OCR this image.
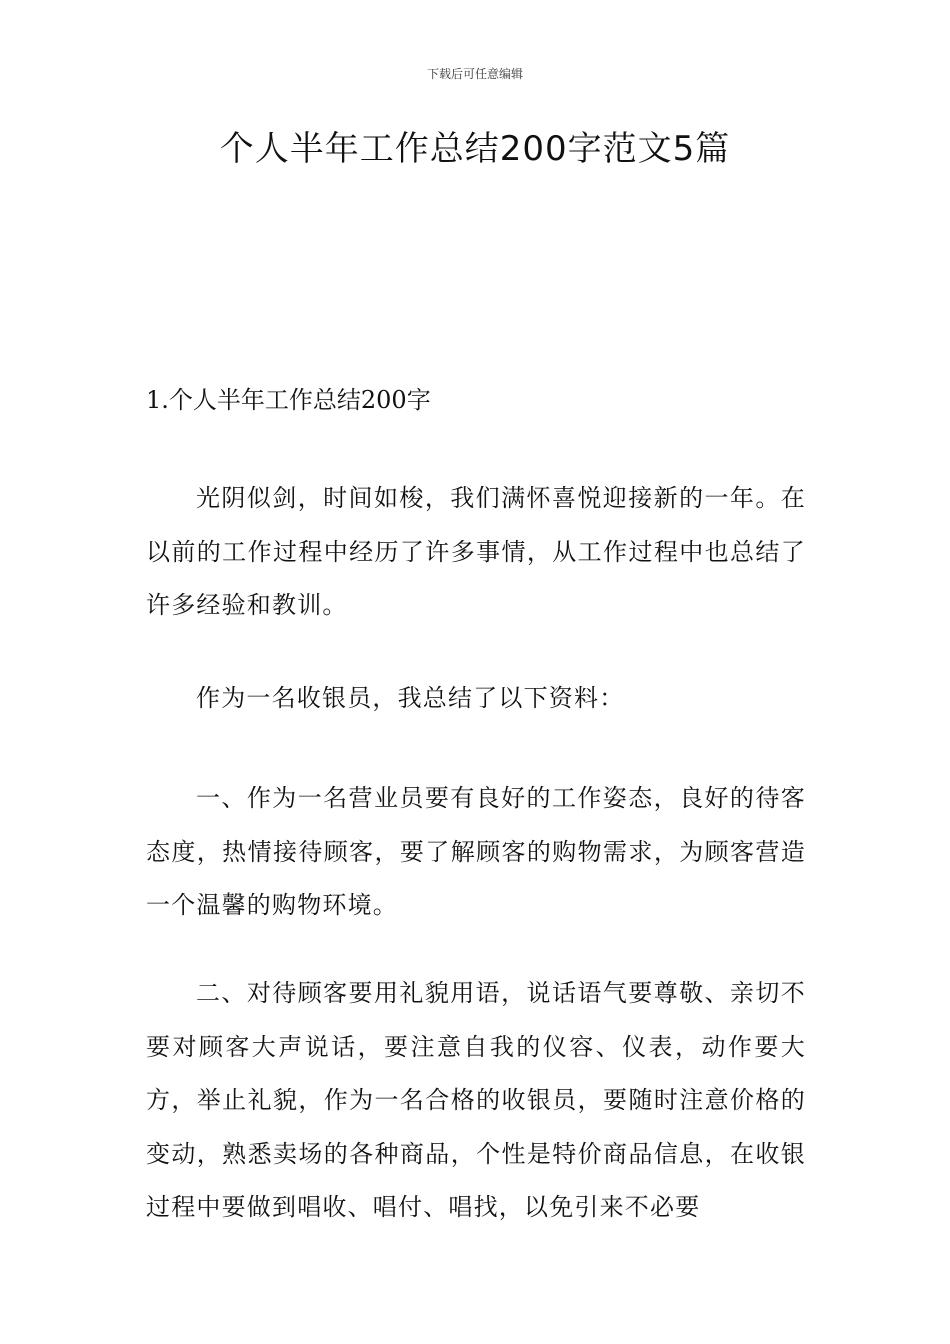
下载后可任意编辑
个人半年工作总结200字范文5篇
1.个人半年工作总结200字

光阴似剑，时间如梭，我们满怀喜悦迎接新的一年。在以前的工作过程中经历了许多事情，从工作过程中也总结了许多经验和教训。

作为一名收银员，我总结了以下资料：

一、作为一名营业员要有良好的工作姿态，良好的待客态度，热情接待顾客，要了解顾客的购物需求，为顾客营造一个温馨的购物环境。

二、对待顾客要用礼貌用语，说话语气要尊敬、亲切不要对顾客大声说话，要注意自我的仪容、仪表，动作要大方，举止礼貌，作为一名合格的收银员，要随时注意价格的变动，熟悉卖场的各种商品，个性是特价商品信息，在收银过程中要做到唱收、唱付、唱找，以免引来不必要
